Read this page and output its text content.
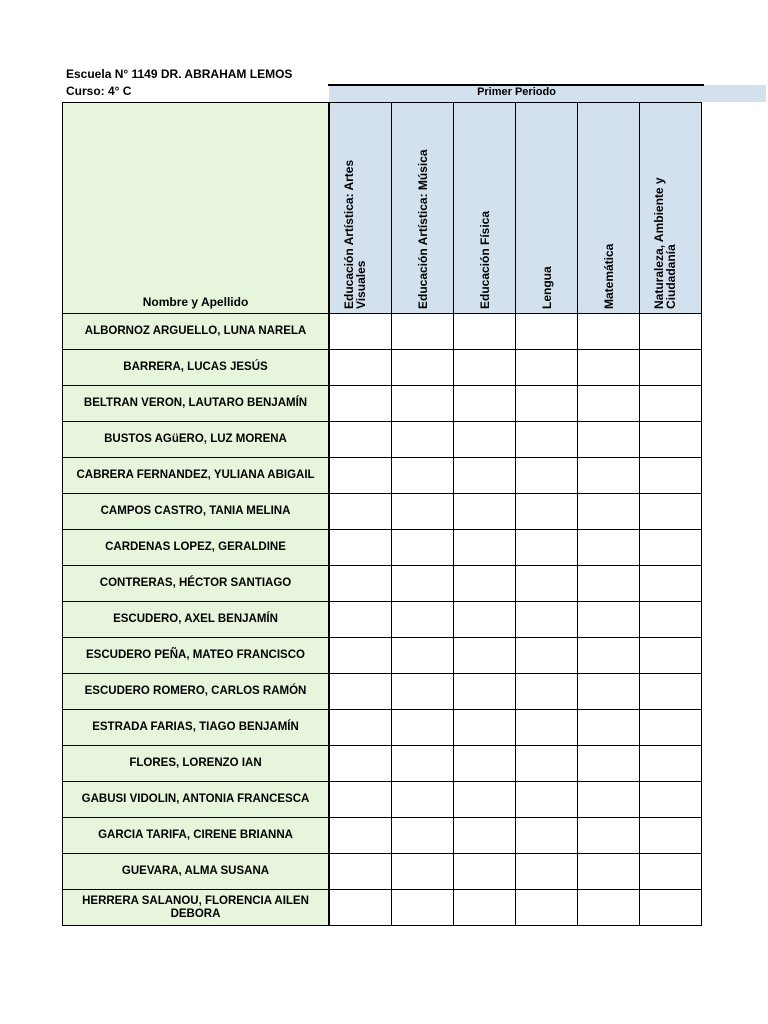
Escuela N° 1149 DR. ABRAHAM LEMOS
Curso: 4° C	Primer Periodo
Nombre y Apellido	Educación Artística: Artes Visuales	Educación Artística: Música	Educación Física	Lengua	Matemática	Naturaleza, Ambiente y Ciudadanía

ALBORNOZ ARGUELLO, LUNA NARELA						
BARRERA, LUCAS JESÚS						
BELTRAN VERON, LAUTARO BENJAMÍN						
BUSTOS AGüERO, LUZ MORENA						
CABRERA FERNANDEZ, YULIANA ABIGAIL						
CAMPOS CASTRO, TANIA MELINA						
CARDENAS LOPEZ, GERALDINE						
CONTRERAS, HÉCTOR SANTIAGO						
ESCUDERO, AXEL BENJAMÍN						
ESCUDERO PEÑA, MATEO FRANCISCO						
ESCUDERO ROMERO, CARLOS RAMÓN						
ESTRADA FARIAS, TIAGO BENJAMÍN						
FLORES, LORENZO IAN						
GABUSI VIDOLIN, ANTONIA FRANCESCA						
GARCIA TARIFA, CIRENE BRIANNA						
GUEVARA, ALMA SUSANA						
HERRERA SALANOU, FLORENCIA AILEN DEBORA						
